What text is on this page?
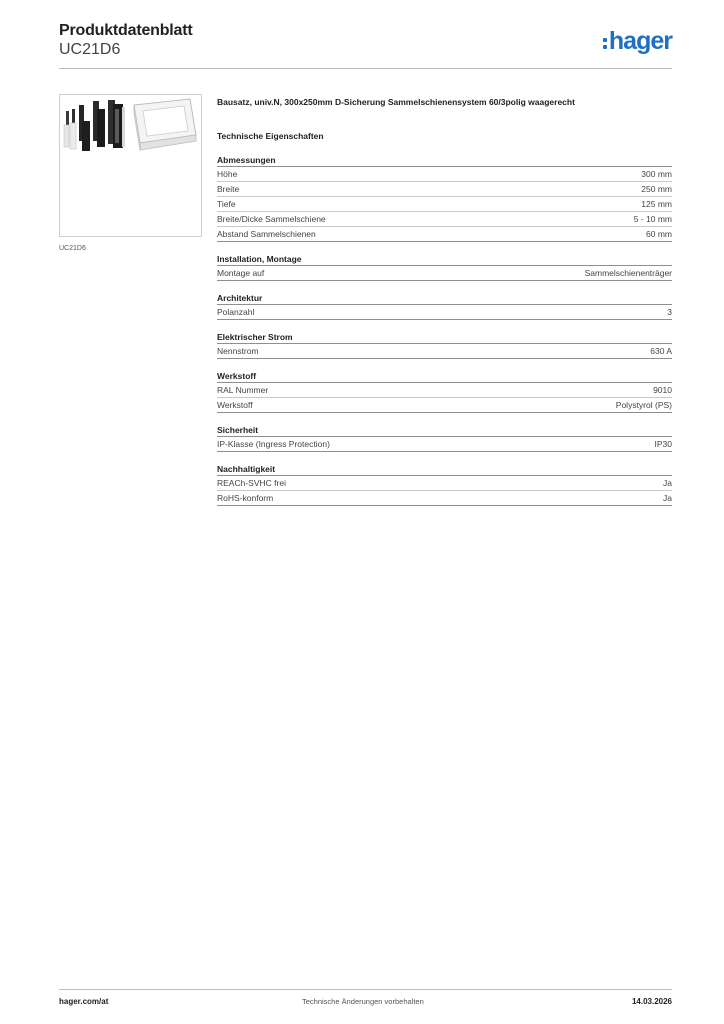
Produktdatenblatt
UC21D6	hager
UC21D6
Bausatz, univ.N, 300x250mm D-Sicherung Sammelschienensystem 60/3polig waagerecht
Technische Eigenschaften
Abmessungen
Höhe	300 mm
Breite	250 mm
Tiefe	125 mm
Breite/Dicke Sammelschiene	5 - 10 mm
Abstand Sammelschienen	60 mm
Installation, Montage
Montage auf	Sammelschienenträger
Architektur
Polanzahl	3
Elektrischer Strom
Nennstrom	630 A
Werkstoff
RAL Nummer	9010
Werkstoff	Polystyrol (PS)
Sicherheit
IP-Klasse (Ingress Protection)	IP30
Nachhaltigkeit
REACh-SVHC frei	Ja
RoHS-konform	Ja
hager.com/at	Technische Änderungen vorbehalten	14.03.2026
